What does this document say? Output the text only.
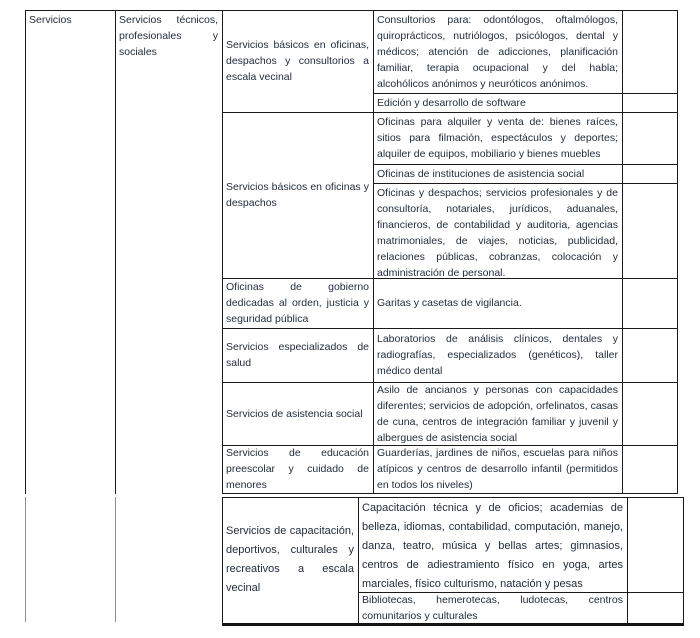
Servicios	Servicios técnicos, profesionales y sociales
Servicios básicos en oficinas, despachos y consultorios a escala vecinal
Servicios básicos en oficinas y despachos
Oficinas de gobierno dedicadas al orden, justicia y seguridad pública
Servicios especializados de salud
Servicios de asistencia social
Servicios de educación preescolar y cuidado de menores
Consultorios para: odontólogos, oftalmólogos, quiroprácticos, nutriólogos, psicólogos, dental y médicos; atención de adicciones, planificación familiar, terapia ocupacional y del habla; alcohólicos anónimos y neuróticos anónimos.
Edición y desarrollo de software
Oficinas para alquiler y venta de: bienes raíces, sitios para filmación, espectáculos y deportes; alquiler de equipos, mobiliario y bienes muebles
Oficinas de instituciones de asistencia social
Oficinas y despachos; servicios profesionales y de consultoría, notariales, jurídicos, aduanales, financieros, de contabilidad y auditoria, agencias matrimoniales, de viajes, noticias, publicidad, relaciones públicas, cobranzas, colocación y administración de personal.
Garitas y casetas de vigilancia.
Laboratorios de análisis clínicos, dentales y radiografías, especializados (genéticos), taller médico dental
Asilo de ancianos y personas con capacidades diferentes; servicios de adopción, orfelinatos, casas de cuna, centros de integración familiar y juvenil y albergues de asistencia social
Guarderías, jardines de niños, escuelas para niños atípicos y centros de desarrollo infantil (permitidos en todos los niveles)
Servicios de capacitación, deportivos, culturales y recreativos a escala vecinal
Capacitación técnica y de oficios; academias de belleza, idiomas, contabilidad, computación, manejo, danza, teatro, música y bellas artes; gimnasios, centros de adiestramiento físico en yoga, artes marciales, físico culturismo, natación y pesas
Bibliotecas, hemerotecas, ludotecas, centros comunitarios y culturales
